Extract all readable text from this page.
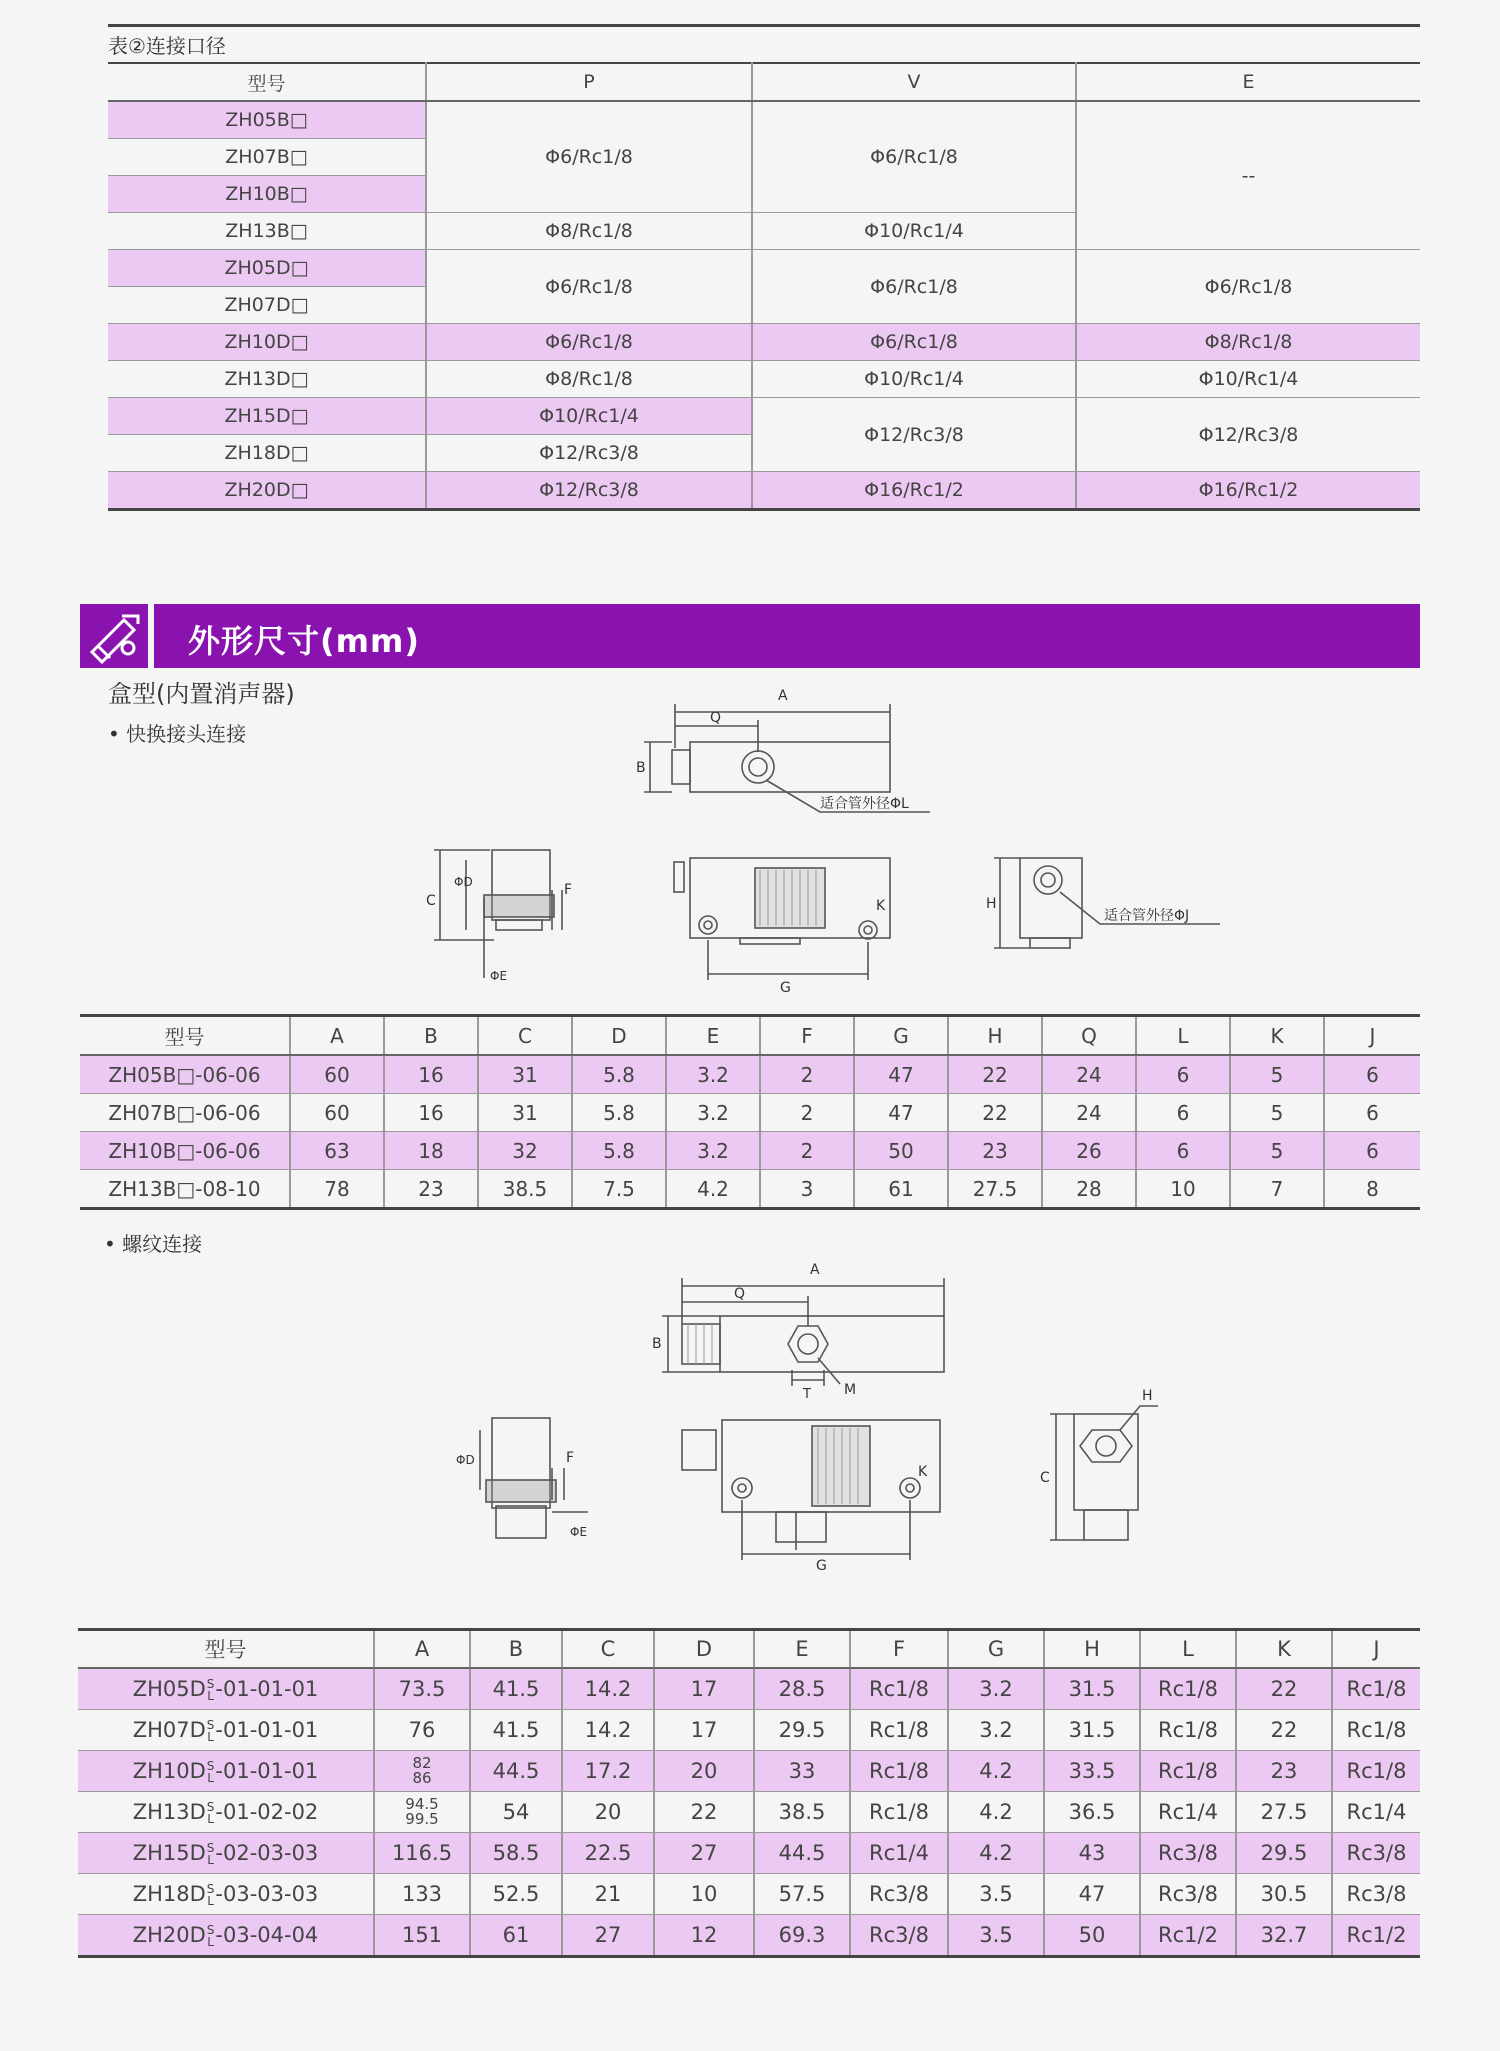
表②连接口径
型号	P	V	E
ZH05B□	Φ6/Rc1/8	Φ6/Rc1/8	--
ZH07B□			
ZH10B□			
ZH13B□	Φ8/Rc1/8	Φ10/Rc1/4	
ZH05D□	Φ6/Rc1/8	Φ6/Rc1/8	Φ6/Rc1/8
ZH07D□			
ZH10D□	Φ6/Rc1/8	Φ6/Rc1/8	Φ8/Rc1/8
ZH13D□	Φ8/Rc1/8	Φ10/Rc1/4	Φ10/Rc1/4
ZH15D□	Φ10/Rc1/4	Φ12/Rc3/8	Φ12/Rc3/8
ZH18D□	Φ12/Rc3/8		
ZH20D□	Φ12/Rc3/8	Φ16/Rc1/2	Φ16/Rc1/2
外形尺寸(mm)
盒型(内置消声器)
• 快换接头连接
A
Q
B
适合管外径ΦL
C
ΦD	F
ΦE
G
K	H
适合管外径ΦJ
型号	A	B	C	D	E	F	G	H	Q	L	K	J
ZH05B□-06-06	60	16	31	5.8	3.2	2	47	22	24	6	5	6
ZH07B□-06-06	60	16	31	5.8	3.2	2	47	22	24	6	5	6
ZH10B□-06-06	63	18	32	5.8	3.2	2	50	23	26	6	5	6
ZH13B□-08-10	78	23	38.5	7.5	4.2	3	61	27.5	28	10	7	8
• 螺纹连接
A
Q
B
T M
ΦD	F
ΦE
K
G
C
H
型号	A	B	C	D	E	F	G	H	L	K	J
ZH05DS
L-01-01-01	73.5	41.5	14.2	17	28.5	Rc1/8	3.2	31.5	Rc1/8	22	Rc1/8
ZH07DS
L-01-01-01	76	41.5	14.2	17	29.5	Rc1/8	3.2	31.5	Rc1/8	22	Rc1/8
ZH10DS
L-01-01-01	82
86	44.5	17.2	20	33	Rc1/8	4.2	33.5	Rc1/8	23	Rc1/8
ZH13DS
L-01-02-02	94.5
99.5	54	20	22	38.5	Rc1/8	4.2	36.5	Rc1/4	27.5	Rc1/4
ZH15DS
L-02-03-03	116.5	58.5	22.5	27	44.5	Rc1/4	4.2	43	Rc3/8	29.5	Rc3/8
ZH18DS
L-03-03-03	133	52.5	21	10	57.5	Rc3/8	3.5	47	Rc3/8	30.5	Rc3/8
ZH20DS
L-03-04-04	151	61	27	12	69.3	Rc3/8	3.5	50	Rc1/2	32.7	Rc1/2
